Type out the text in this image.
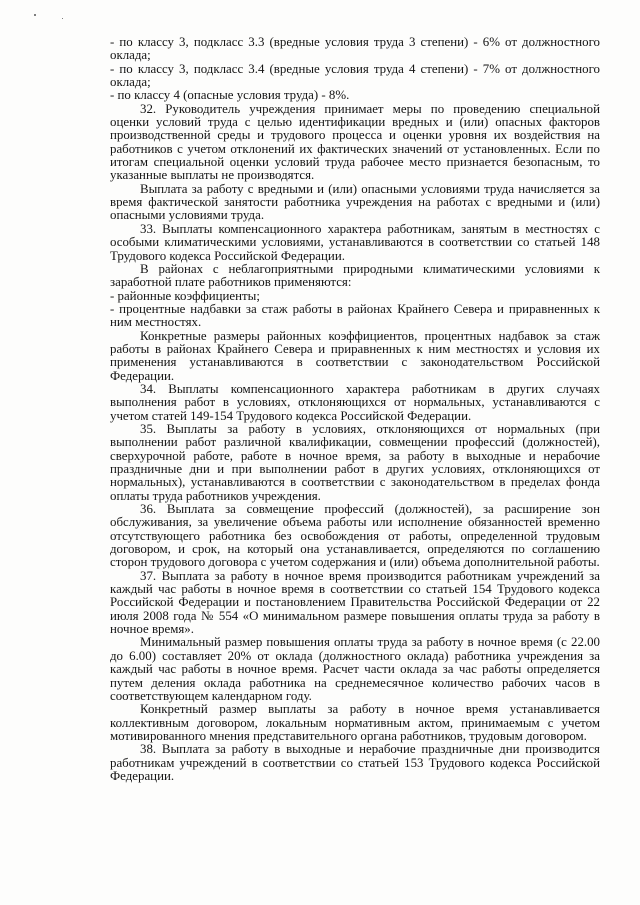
- по классу 3, подкласс 3.3 (вредные условия труда 3 степени) - 6% от должностного оклада;

- по классу 3, подкласс 3.4 (вредные условия труда 4 степени) - 7% от должностного оклада;

- по классу 4 (опасные условия труда) - 8%.

32. Руководитель учреждения принимает меры по проведению специальной оценки условий труда с целью идентификации вредных и (или) опасных факторов производственной среды и трудового процесса и оценки уровня их воздействия на работников с учетом отклонений их фактических значений от установленных. Если по итогам специальной оценки условий труда рабочее место признается безопасным, то указанные выплаты не производятся.

Выплата за работу с вредными и (или) опасными условиями труда начисляется за время фактической занятости работника учреждения на работах с вредными и (или) опасными условиями труда.

33. Выплаты компенсационного характера работникам, занятым в местностях с особыми климатическими условиями, устанавливаются в соответствии со статьей 148 Трудового кодекса Российской Федерации.

В районах с неблагоприятными природными климатическими условиями к заработной плате работников применяются:

- районные коэффициенты;

- процентные надбавки за стаж работы в районах Крайнего Севера и приравненных к ним местностях.

Конкретные размеры районных коэффициентов, процентных надбавок за стаж работы в районах Крайнего Севера и приравненных к ним местностях и условия их применения устанавливаются в соответствии с законодательством Российской Федерации.

34. Выплаты компенсационного характера работникам в других случаях выполнения работ в условиях, отклоняющихся от нормальных, устанавливаются с учетом статей 149-154 Трудового кодекса Российской Федерации.

35. Выплаты за работу в условиях, отклоняющихся от нормальных (при выполнении работ различной квалификации, совмещении профессий (должностей), сверхурочной работе, работе в ночное время, за работу в выходные и нерабочие праздничные дни и при выполнении работ в других условиях, отклоняющихся от нормальных), устанавливаются в соответствии с законодательством в пределах фонда оплаты труда работников учреждения.

36. Выплата за совмещение профессий (должностей), за расширение зон обслуживания, за увеличение объема работы или исполнение обязанностей временно отсутствующего работника без освобождения от работы, определенной трудовым договором, и срок, на который она устанавливается, определяются по соглашению сторон трудового договора с учетом содержания и (или) объема дополнительной работы.

37. Выплата за работу в ночное время производится работникам учреждений за каждый час работы в ночное время в соответствии со статьей 154 Трудового кодекса Российской Федерации и постановлением Правительства Российской Федерации от 22 июля 2008 года № 554 «О минимальном размере повышения оплаты труда за работу в ночное время».

Минимальный размер повышения оплаты труда за работу в ночное время (с 22.00 до 6.00) составляет 20% от оклада (должностного оклада) работника учреждения за каждый час работы в ночное время. Расчет части оклада за час работы определяется путем деления оклада работника на среднемесячное количество рабочих часов в соответствующем календарном году.

Конкретный размер выплаты за работу в ночное время устанавливается коллективным договором, локальным нормативным актом, принимаемым с учетом мотивированного мнения представительного органа работников, трудовым договором.

38. Выплата за работу в выходные и нерабочие праздничные дни производится работникам учреждений в соответствии со статьей 153 Трудового кодекса Российской Федерации.
